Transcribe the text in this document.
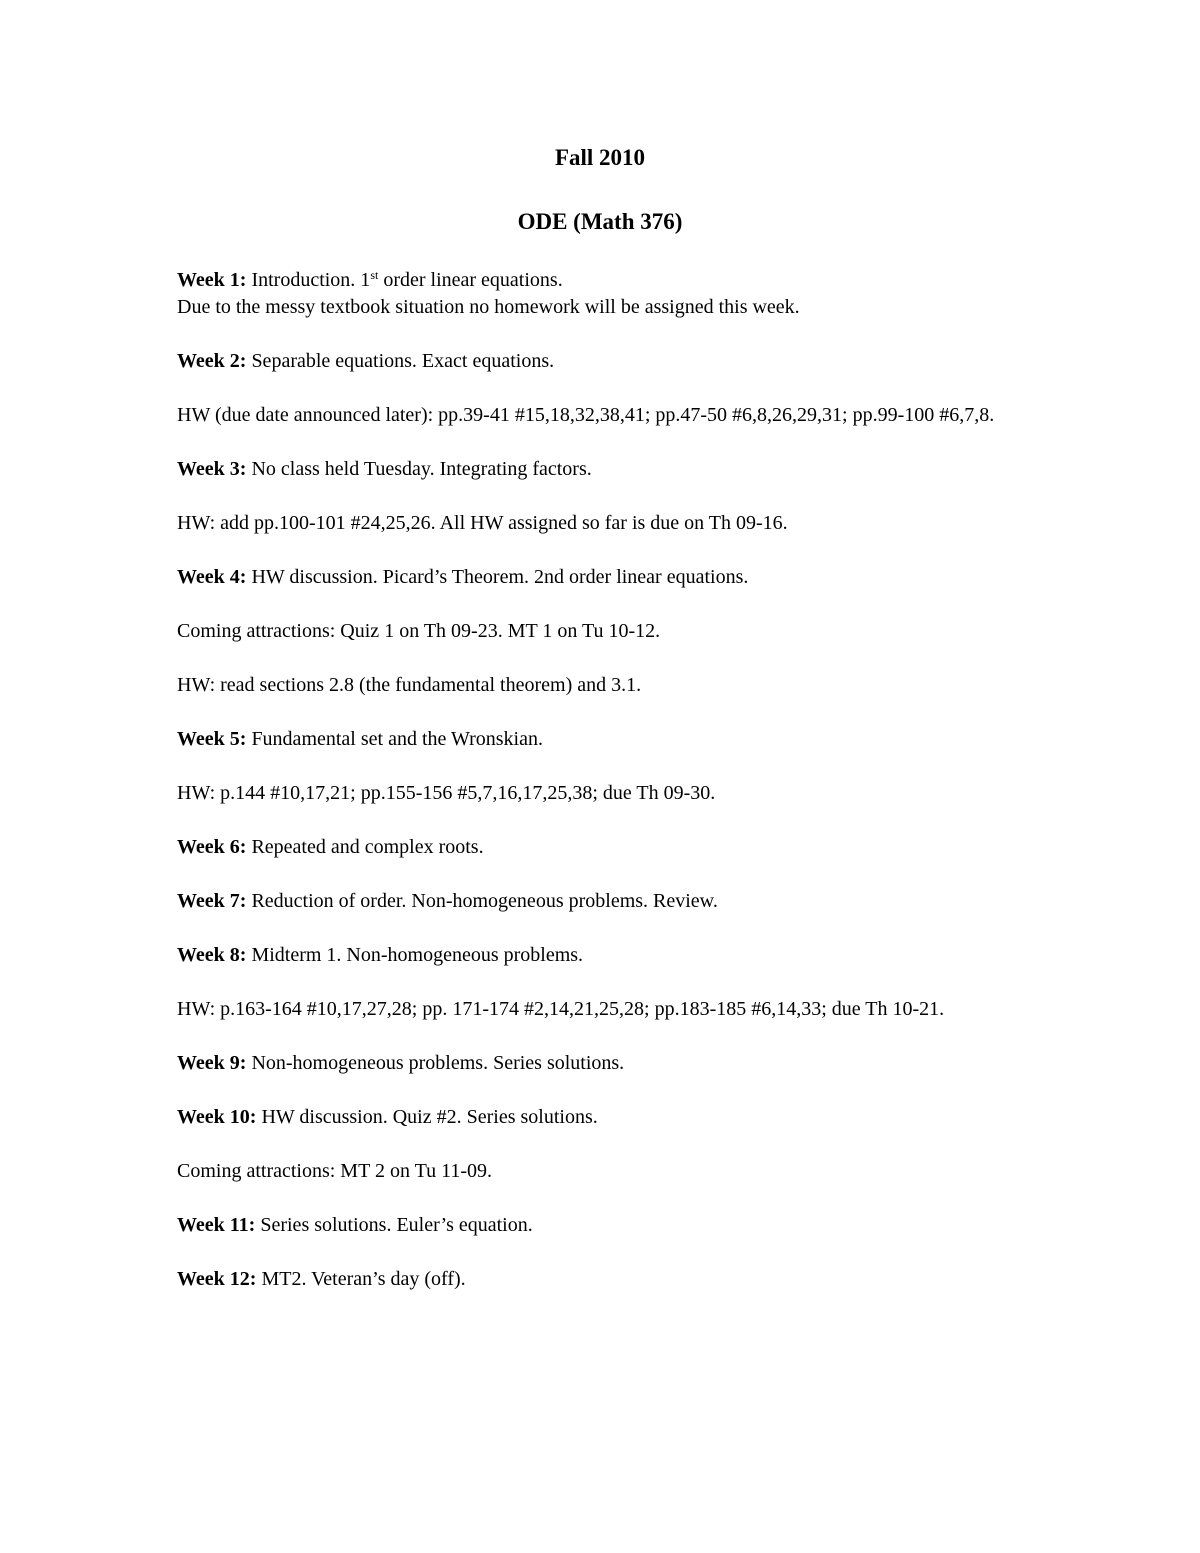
Fall 2010
ODE (Math 376)

Week 1: Introduction. 1st order linear equations.
Due to the messy textbook situation no homework will be assigned this week.

Week 2: Separable equations. Exact equations.

HW (due date announced later): pp.39-41 #15,18,32,38,41; pp.47-50 #6,8,26,29,31; pp.99-100 #6,7,8.

Week 3: No class held Tuesday. Integrating factors.

HW: add pp.100-101 #24,25,26. All HW assigned so far is due on Th 09-16.

Week 4: HW discussion. Picard’s Theorem. 2nd order linear equations.

Coming attractions: Quiz 1 on Th 09-23. MT 1 on Tu 10-12.

HW: read sections 2.8 (the fundamental theorem) and 3.1.

Week 5: Fundamental set and the Wronskian.

HW: p.144 #10,17,21; pp.155-156 #5,7,16,17,25,38; due Th 09-30.

Week 6: Repeated and complex roots.

Week 7: Reduction of order. Non-homogeneous problems. Review.

Week 8: Midterm 1. Non-homogeneous problems.

HW: p.163-164 #10,17,27,28; pp. 171-174 #2,14,21,25,28; pp.183-185 #6,14,33; due Th 10-21.

Week 9: Non-homogeneous problems. Series solutions.

Week 10: HW discussion. Quiz #2. Series solutions.

Coming attractions: MT 2 on Tu 11-09.

Week 11: Series solutions. Euler’s equation.

Week 12: MT2. Veteran’s day (off).
